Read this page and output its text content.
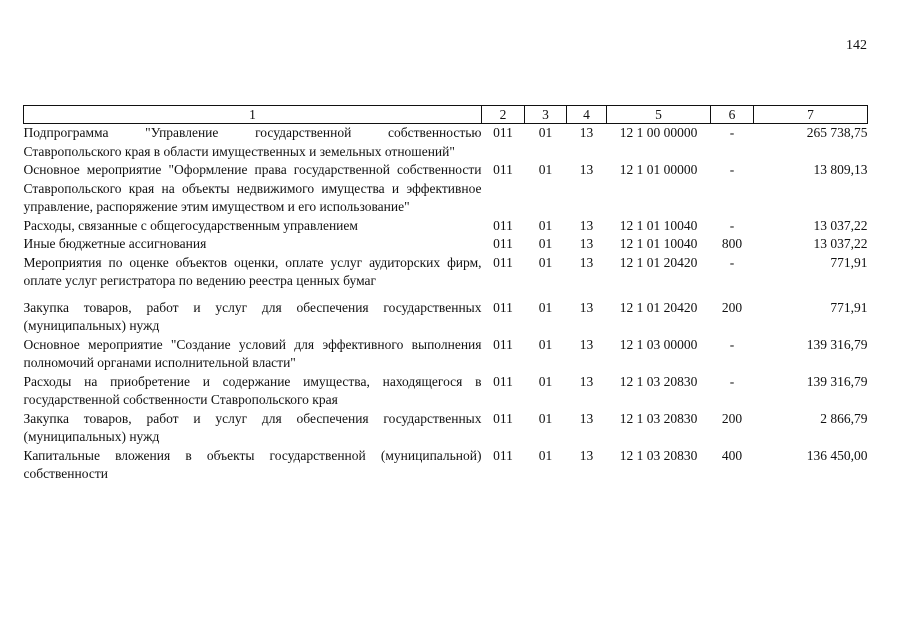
142
1	2	3	4	5	6	7
Подпрограмма "Управление государственной собственностью Ставропольского края в области имущественных и земельных отношений"	011	01	13	12 1 00 00000	-	265 738,75
Основное мероприятие "Оформление права государственной собственности Ставропольского края на объекты недвижимого имущества и эффективное управление, распоряжение этим имуществом и его использование"	011	01	13	12 1 01 00000	-	13 809,13
Расходы, связанные с общегосударственным управлением	011	01	13	12 1 01 10040	-	13 037,22
Иные бюджетные ассигнования	011	01	13	12 1 01 10040	800	13 037,22
Мероприятия по оценке объектов оценки, оплате услуг аудиторских фирм, оплате услуг регистратора по ведению реестра ценных бумаг	011	01	13	12 1 01 20420	-	771,91
Закупка товаров, работ и услуг для обеспечения государственных (муниципальных) нужд	011	01	13	12 1 01 20420	200	771,91
Основное мероприятие "Создание условий для эффективного выполнения полномочий органами исполнительной власти"	011	01	13	12 1 03 00000	-	139 316,79
Расходы на приобретение и содержание имущества, находящегося в государственной собственности Ставропольского края	011	01	13	12 1 03 20830	-	139 316,79
Закупка товаров, работ и услуг для обеспечения государственных (муниципальных) нужд	011	01	13	12 1 03 20830	200	2 866,79
Капитальные вложения в объекты государственной (муниципальной) собственности	011	01	13	12 1 03 20830	400	136 450,00
